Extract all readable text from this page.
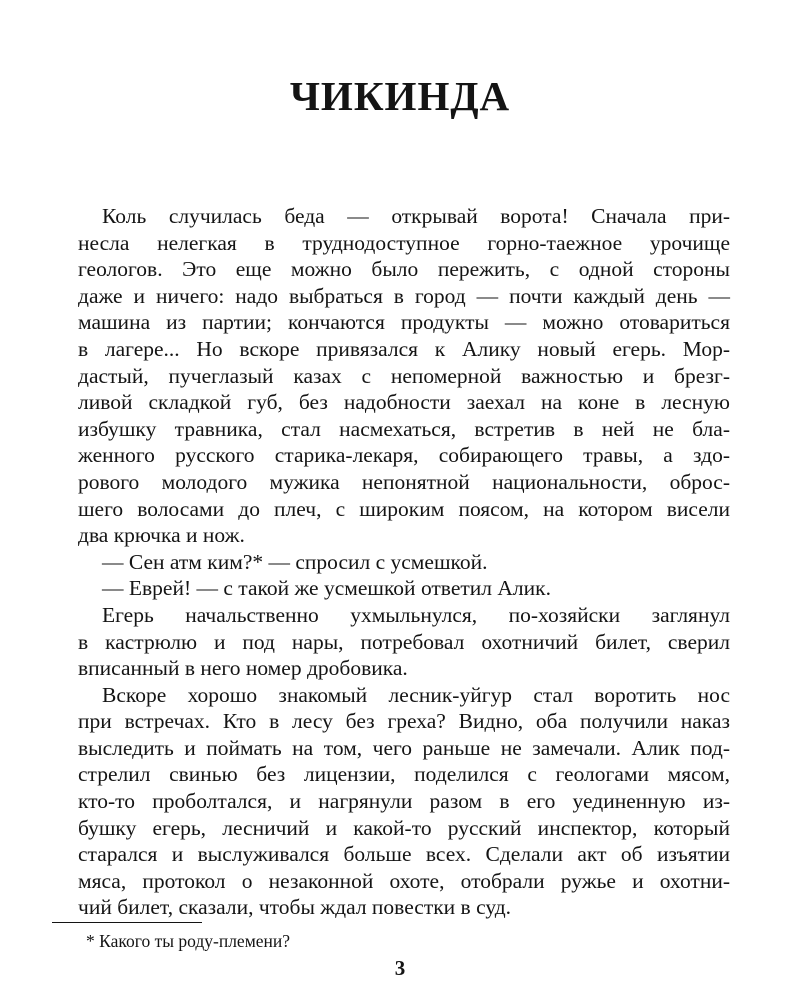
ЧИКИНДА
Коль случилась беда — открывай ворота! Сначала при-
несла нелегкая в труднодоступное горно-таежное урочище
геологов. Это еще можно было пережить, с одной стороны
даже и ничего: надо выбраться в город — почти каждый день —
машина из партии; кончаются продукты — можно отовариться
в лагере... Но вскоре привязался к Алику новый егерь. Мор-
дастый, пучеглазый казах с непомерной важностью и брезг-
ливой складкой губ, без надобности заехал на коне в лесную
избушку травника, стал насмехаться, встретив в ней не бла-
женного русского старика-лекаря, собирающего травы, а здо-
рового молодого мужика непонятной национальности, оброс-
шего волосами до плеч, с широким поясом, на котором висели
два крючка и нож.
— Сен атм ким?* — спросил с усмешкой.
— Еврей! — с такой же усмешкой ответил Алик.
Егерь начальственно ухмыльнулся, по-хозяйски заглянул
в кастрюлю и под нары, потребовал охотничий билет, сверил
вписанный в него номер дробовика.
Вскоре хорошо знакомый лесник-уйгур стал воротить нос
при встречах. Кто в лесу без греха? Видно, оба получили наказ
выследить и поймать на том, чего раньше не замечали. Алик под-
стрелил свинью без лицензии, поделился с геологами мясом,
кто-то проболтался, и нагрянули разом в его уединенную из-
бушку егерь, лесничий и какой-то русский инспектор, который
старался и выслуживался больше всех. Сделали акт об изъятии
мяса, протокол о незаконной охоте, отобрали ружье и охотни-
чий билет, сказали, чтобы ждал повестки в суд.
* Какого ты роду-племени?
3
